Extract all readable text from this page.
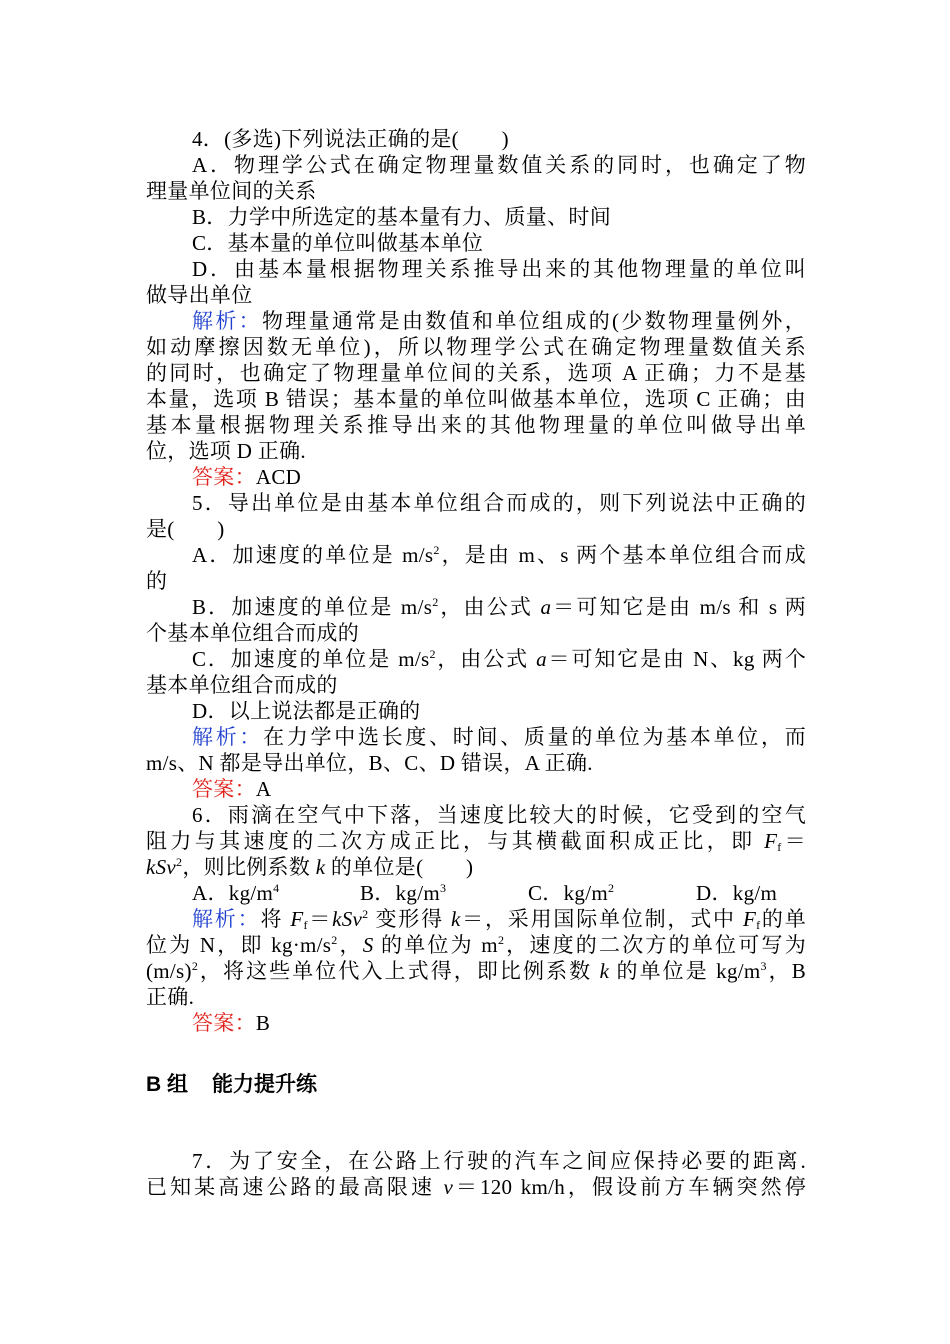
4．(多选)下列说法正确的是(　　)
A．物理学公式在确定物理量数值关系的同时，也确定了物
理量单位间的关系
B．力学中所选定的基本量有力、质量、时间
C．基本量的单位叫做基本单位
D．由基本量根据物理关系推导出来的其他物理量的单位叫
做导出单位
解析：物理量通常是由数值和单位组成的(少数物理量例外，
如动摩擦因数无单位)，所以物理学公式在确定物理量数值关系
的同时，也确定了物理量单位间的关系，选项 A 正确；力不是基
本量，选项 B 错误；基本量的单位叫做基本单位，选项 C 正确；由
基本量根据物理关系推导出来的其他物理量的单位叫做导出单
位，选项 D 正确.
答案：ACD
5．导出单位是由基本单位组合而成的，则下列说法中正确的
是(　　)
A．加速度的单位是 $m/s^2$，是由 m、s 两个基本单位组合而成
的
B．加速度的单位是 $m/s^2$，由公式 a＝可知它是由 m/s 和 s 两
个基本单位组合而成的
C．加速度的单位是 $m/s^2$，由公式 a＝可知它是由 N、kg 两个
基本单位组合而成的
D．以上说法都是正确的
解析：在力学中选长度、时间、质量的单位为基本单位，而
m/s、N 都是导出单位，B、C、D 错误，A 正确.
答案：A
6．雨滴在空气中下落，当速度比较大的时候，它受到的空气
阻力与其速度的二次方成正比，与其横截面积成正比，即 $F_f=$
kSv$^2$，则比例系数 k 的单位是(　　)
A．$kg/m^4$	B．$kg/m^3$	C．$kg/m^2$	D．kg/m
解析：将 $F_f=kSv^2$ 变形得 k＝，采用国际单位制，式中 $F_f$的单
位为 N，即 $kg\cdot m/s^2$，S 的单位为 $m^2$，速度的二次方的单位可写为
$(m/s)^2$，将这些单位代入上式得，即比例系数 k 的单位是 $kg/m^3$，B
正确.
答案：B
B 组 能力提升练
7．为了安全，在公路上行驶的汽车之间应保持必要的距离.
已知某高速公路的最高限速 v＝120 km/h，假设前方车辆突然停
